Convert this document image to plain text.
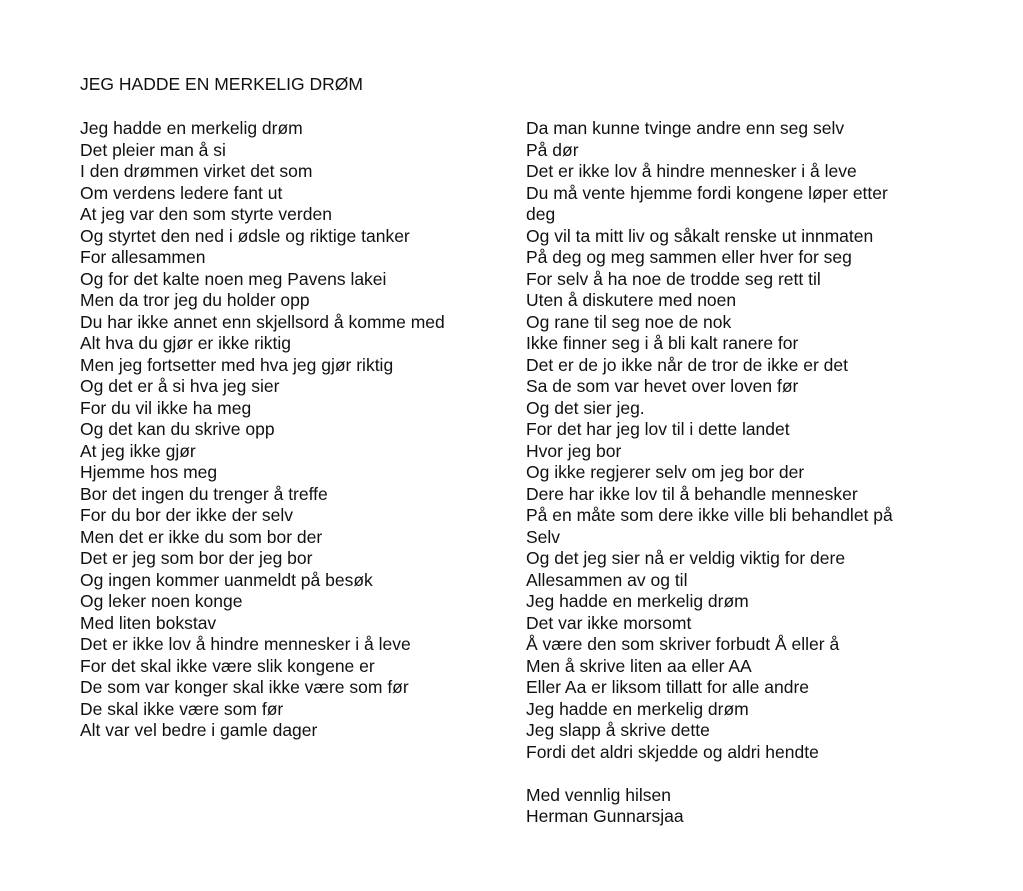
JEG HADDE EN MERKELIG DRØM
Jeg hadde en merkelig drøm
Det pleier man å si
I den drømmen virket det som
Om verdens ledere fant ut
At jeg var den som styrte verden
Og styrtet den ned i ødsle og riktige tanker
For allesammen
Og for det kalte noen meg Pavens lakei
Men da tror jeg du holder opp
Du har ikke annet enn skjellsord å komme med
Alt hva du gjør er ikke riktig
Men jeg fortsetter med hva jeg gjør riktig
Og det er å si hva jeg sier
For du vil ikke ha meg
Og det kan du skrive opp
At jeg ikke gjør
Hjemme hos meg
Bor det ingen du trenger å treffe
For du bor der ikke der selv
Men det er ikke du som bor der
Det er jeg som bor der jeg bor
Og ingen kommer uanmeldt på besøk
Og leker noen konge
Med liten bokstav
Det er ikke lov å hindre mennesker i å leve
For det skal ikke være slik kongene er
De som var konger skal ikke være som før
De skal ikke være som før
Alt var vel bedre i gamle dager
Da man kunne tvinge andre enn seg selv
På dør
Det er ikke lov å hindre mennesker i å leve
Du må vente hjemme fordi kongene løper etter
deg
Og vil ta mitt liv og såkalt renske ut innmaten
På deg og meg sammen eller hver for seg
For selv å ha noe de trodde seg rett til
Uten å diskutere med noen
Og rane til seg noe de nok
Ikke finner seg i å bli kalt ranere for
Det er de jo ikke når de tror de ikke er det
Sa de som var hevet over loven før
Og det sier jeg.
For det har jeg lov til i dette landet
Hvor jeg bor
Og ikke regjerer selv om jeg bor der
Dere har ikke lov til å behandle mennesker
På en måte som dere ikke ville bli behandlet på
Selv
Og det jeg sier nå er veldig viktig for dere
Allesammen av og til
Jeg hadde en merkelig drøm
Det var ikke morsomt
Å være den som skriver forbudt Å eller å
Men å skrive liten aa eller AA
Eller Aa er liksom tillatt for alle andre
Jeg hadde en merkelig drøm
Jeg slapp å skrive dette
Fordi det aldri skjedde og aldri hendte
Med vennlig hilsen
Herman Gunnarsjaa
